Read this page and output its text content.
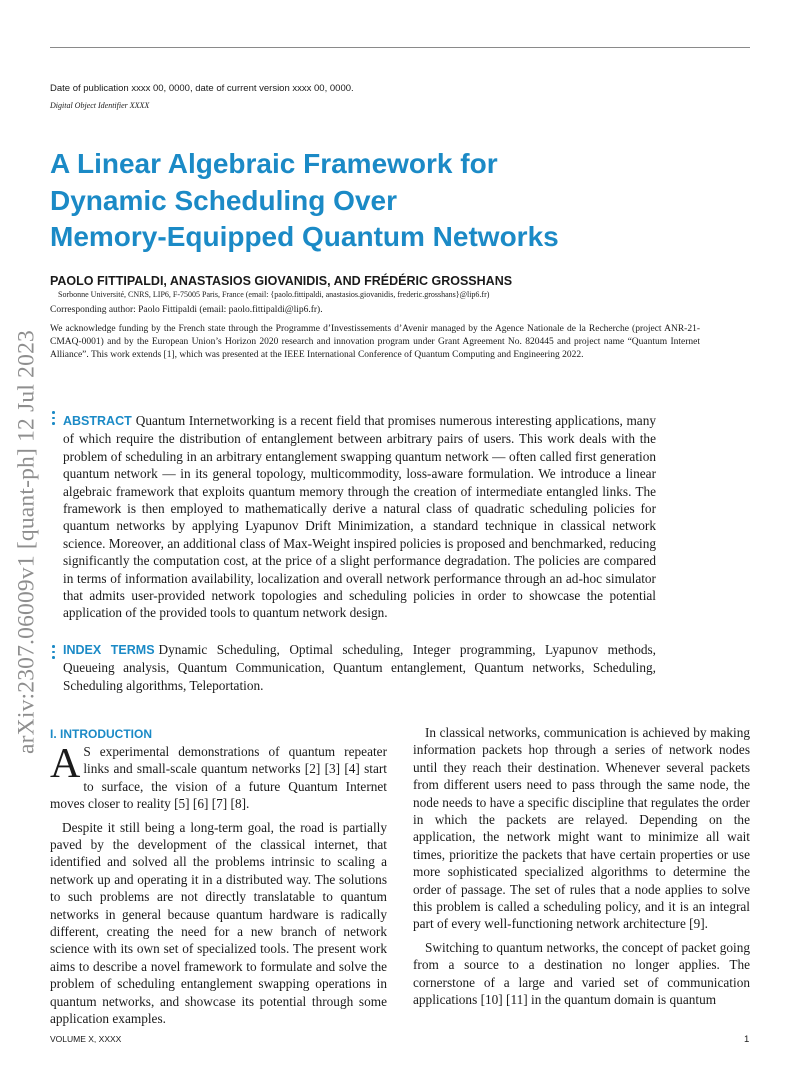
Date of publication xxxx 00, 0000, date of current version xxxx 00, 0000.
Digital Object Identifier XXXX
A Linear Algebraic Framework for
Dynamic Scheduling Over
Memory-Equipped Quantum Networks
arXiv:2307.06009v1 [quant-ph] 12 Jul 2023
PAOLO FITTIPALDI, ANASTASIOS GIOVANIDIS, AND FRÉDÉRIC GROSSHANS
Sorbonne Université, CNRS, LIP6, F-75005 Paris, France (email: {paolo.fittipaldi, anastasios.giovanidis, frederic.grosshans}@lip6.fr)
Corresponding author: Paolo Fittipaldi (email: paolo.fittipaldi@lip6.fr).
We acknowledge funding by the French state through the Programme d’Investissements d’Avenir managed by the Agence Nationale de la Recherche (project ANR-21-CMAQ-0001) and by the European Union’s Horizon 2020 research and innovation program under Grant Agreement No. 820445 and project name “Quantum Internet Alliance”. This work extends [1], which was presented at the IEEE International Conference of Quantum Computing and Engineering 2022.
ABSTRACT Quantum Internetworking is a recent field that promises numerous interesting applications, many of which require the distribution of entanglement between arbitrary pairs of users. This work deals with the problem of scheduling in an arbitrary entanglement swapping quantum network — often called first generation quantum network — in its general topology, multicommodity, loss-aware formulation. We introduce a linear algebraic framework that exploits quantum memory through the creation of intermediate entangled links. The framework is then employed to mathematically derive a natural class of quadratic scheduling policies for quantum networks by applying Lyapunov Drift Minimization, a standard technique in classical network science. Moreover, an additional class of Max-Weight inspired policies is proposed and benchmarked, reducing significantly the computation cost, at the price of a slight performance degradation. The policies are compared in terms of information availability, localization and overall network performance through an ad-hoc simulator that admits user-provided network topologies and scheduling policies in order to showcase the potential application of the provided tools to quantum network design.
INDEX TERMS Dynamic Scheduling, Optimal scheduling, Integer programming, Lyapunov methods, Queueing analysis, Quantum Communication, Quantum entanglement, Quantum networks, Scheduling, Scheduling algorithms, Teleportation.
I. INTRODUCTION

A S experimental demonstrations of quantum repeater links and small-scale quantum networks [2] [3] [4] start to surface, the vision of a future Quantum Internet moves closer to reality [5] [6] [7] [8].

Despite it still being a long-term goal, the road is partially paved by the development of the classical internet, that identified and solved all the problems intrinsic to scaling a network up and operating it in a distributed way. The solutions to such problems are not directly translatable to quantum networks in general because quantum hardware is radically different, creating the need for a new branch of network science with its own set of specialized tools. The present work aims to describe a novel framework to formulate and solve the problem of scheduling entanglement swapping operations in quantum networks, and showcase its potential through some application examples.

In classical networks, communication is achieved by making information packets hop through a series of network nodes until they reach their destination. Whenever several packets from different users need to pass through the same node, the node needs to have a specific discipline that regulates the order in which the packets are relayed. Depending on the application, the network might want to minimize all wait times, prioritize the packets that have certain properties or use more sophisticated specialized algorithms to determine the order of passage. The set of rules that a node applies to solve this problem is called a scheduling policy, and it is an integral part of every well-functioning network architecture [9].

Switching to quantum networks, the concept of packet going from a source to a destination no longer applies. The cornerstone of a large and varied set of communication applications [10] [11] in the quantum domain is quantum

VOLUME X, XXXX	1
